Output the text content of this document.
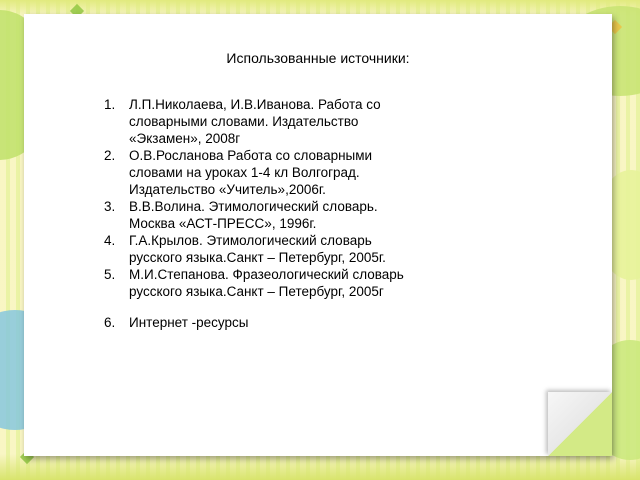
Использованные источники:
1. Л.П.Николаева, И.В.Иванова. Работа со словарными словами. Издательство «Экзамен», 2008г
2. О.В.Росланова Работа со словарными словами на уроках 1-4 кл Волгоград. Издательство «Учитель»,2006г.
3. В.В.Волина. Этимологический словарь. Москва «АСТ-ПРЕСС», 1996г.
4. Г.А.Крылов. Этимологический словарь русского языка.Санкт – Петербург, 2005г.
5. М.И.Степанова. Фразеологический словарь русского языка.Санкт – Петербург, 2005г
6. Интернет -ресурсы
